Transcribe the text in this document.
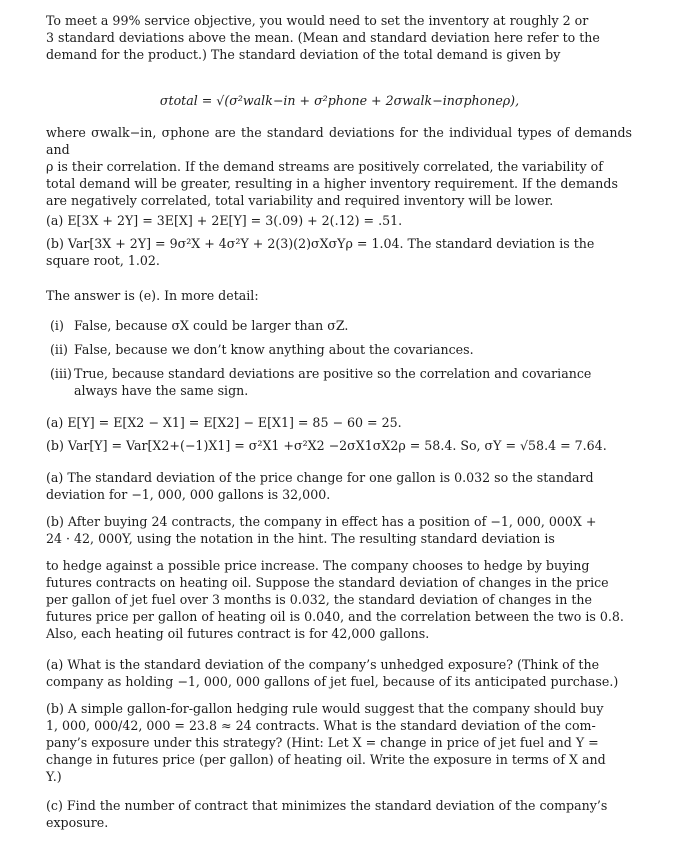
To meet a 99% service objective, you would need to set the inventory at roughly 2 or
3 standard deviations above the mean. (Mean and standard deviation here refer to the
demand for the product.) The standard deviation of the total demand is given by
σtotal = √(σ²walk−in + σ²phone + 2σwalk−inσphoneρ),
where σwalk−in, σphone are the standard deviations for the individual types of demands and
ρ is their correlation. If the demand streams are positively correlated, the variability of
total demand will be greater, resulting in a higher inventory requirement. If the demands
are negatively correlated, total variability and required inventory will be lower.
(a) E[3X + 2Y] = 3E[X] + 2E[Y] = 3(.09) + 2(.12) = .51.
(b) Var[3X + 2Y] = 9σ²X + 4σ²Y + 2(3)(2)σXσYρ = 1.04. The standard deviation is the
square root, 1.02.
The answer is (e). In more detail:
(i) False, because σX could be larger than σZ.
(ii) False, because we don’t know anything about the covariances.
(iii) True, because standard deviations are positive so the correlation and covariance
always have the same sign.
(a) E[Y] = E[X2 − X1] = E[X2] − E[X1] = 85 − 60 = 25.
(b) Var[Y] = Var[X2+(−1)X1] = σ²X1 +σ²X2 −2σX1σX2ρ = 58.4. So, σY = √58.4 = 7.64.
(a) The standard deviation of the price change for one gallon is 0.032 so the standard
deviation for −1, 000, 000 gallons is 32,000.
(b) After buying 24 contracts, the company in effect has a position of −1, 000, 000X +
24 · 42, 000Y, using the notation in the hint. The resulting standard deviation is
to hedge against a possible price increase. The company chooses to hedge by buying
futures contracts on heating oil. Suppose the standard deviation of changes in the price
per gallon of jet fuel over 3 months is 0.032, the standard deviation of changes in the
futures price per gallon of heating oil is 0.040, and the correlation between the two is 0.8.
Also, each heating oil futures contract is for 42,000 gallons.
(a) What is the standard deviation of the company’s unhedged exposure? (Think of the
company as holding −1, 000, 000 gallons of jet fuel, because of its anticipated purchase.)
(b) A simple gallon-for-gallon hedging rule would suggest that the company should buy
1, 000, 000/42, 000 = 23.8 ≈ 24 contracts. What is the standard deviation of the com-
pany’s exposure under this strategy? (Hint: Let X = change in price of jet fuel and Y =
change in futures price (per gallon) of heating oil. Write the exposure in terms of X and
Y.)
(c) Find the number of contract that minimizes the standard deviation of the company’s
exposure.
